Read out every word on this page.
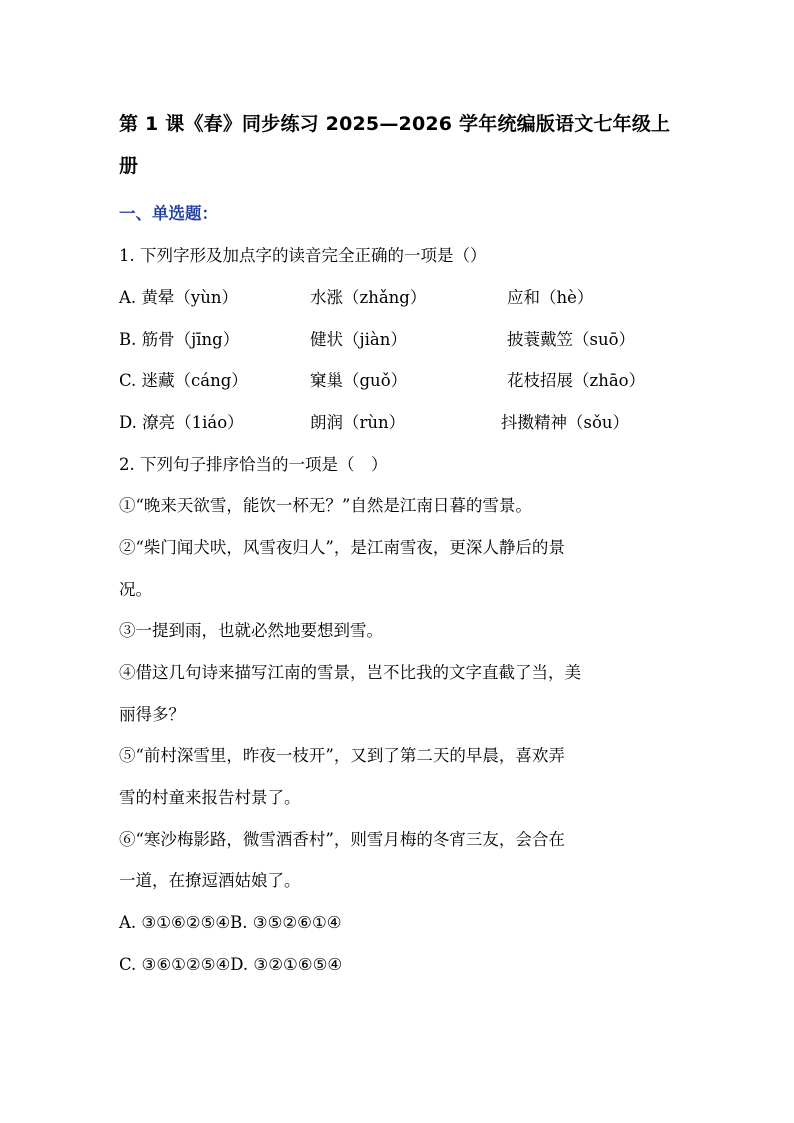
第 1 课《春》同步练习 2025—2026 学年统编版语文七年级上册
一、单选题：
1. 下列字形及加点字的读音完全正确的一项是（）
A. 黄晕（yùn）	水涨（zhǎng）	应和（hè）
B. 筋骨（jīng）	健状（jiàn）	披蓑戴笠（suō）
C. 迷藏（cáng）	窠巢（guǒ）	花枝招展（zhāo）
D. 潦亮（1iáo）	朗润（rùn）	抖擞精神（sǒu）
2. 下列句子排序恰当的一项是（　）
①“晚来天欲雪，能饮一杯无？”自然是江南日暮的雪景。
②“柴门闻犬吠，风雪夜归人”，是江南雪夜，更深人静后的景
况。
③一提到雨，也就必然地要想到雪。
④借这几句诗来描写江南的雪景，岂不比我的文字直截了当，美
丽得多？
⑤“前村深雪里，昨夜一枝开”，又到了第二天的早晨，喜欢弄
雪的村童来报告村景了。
⑥“寒沙梅影路，微雪酒香村”，则雪月梅的冬宵三友，会合在
一道，在撩逗酒姑娘了。
A. ③①⑥②⑤④B. ③⑤②⑥①④
C. ③⑥①②⑤④D. ③②①⑥⑤④
